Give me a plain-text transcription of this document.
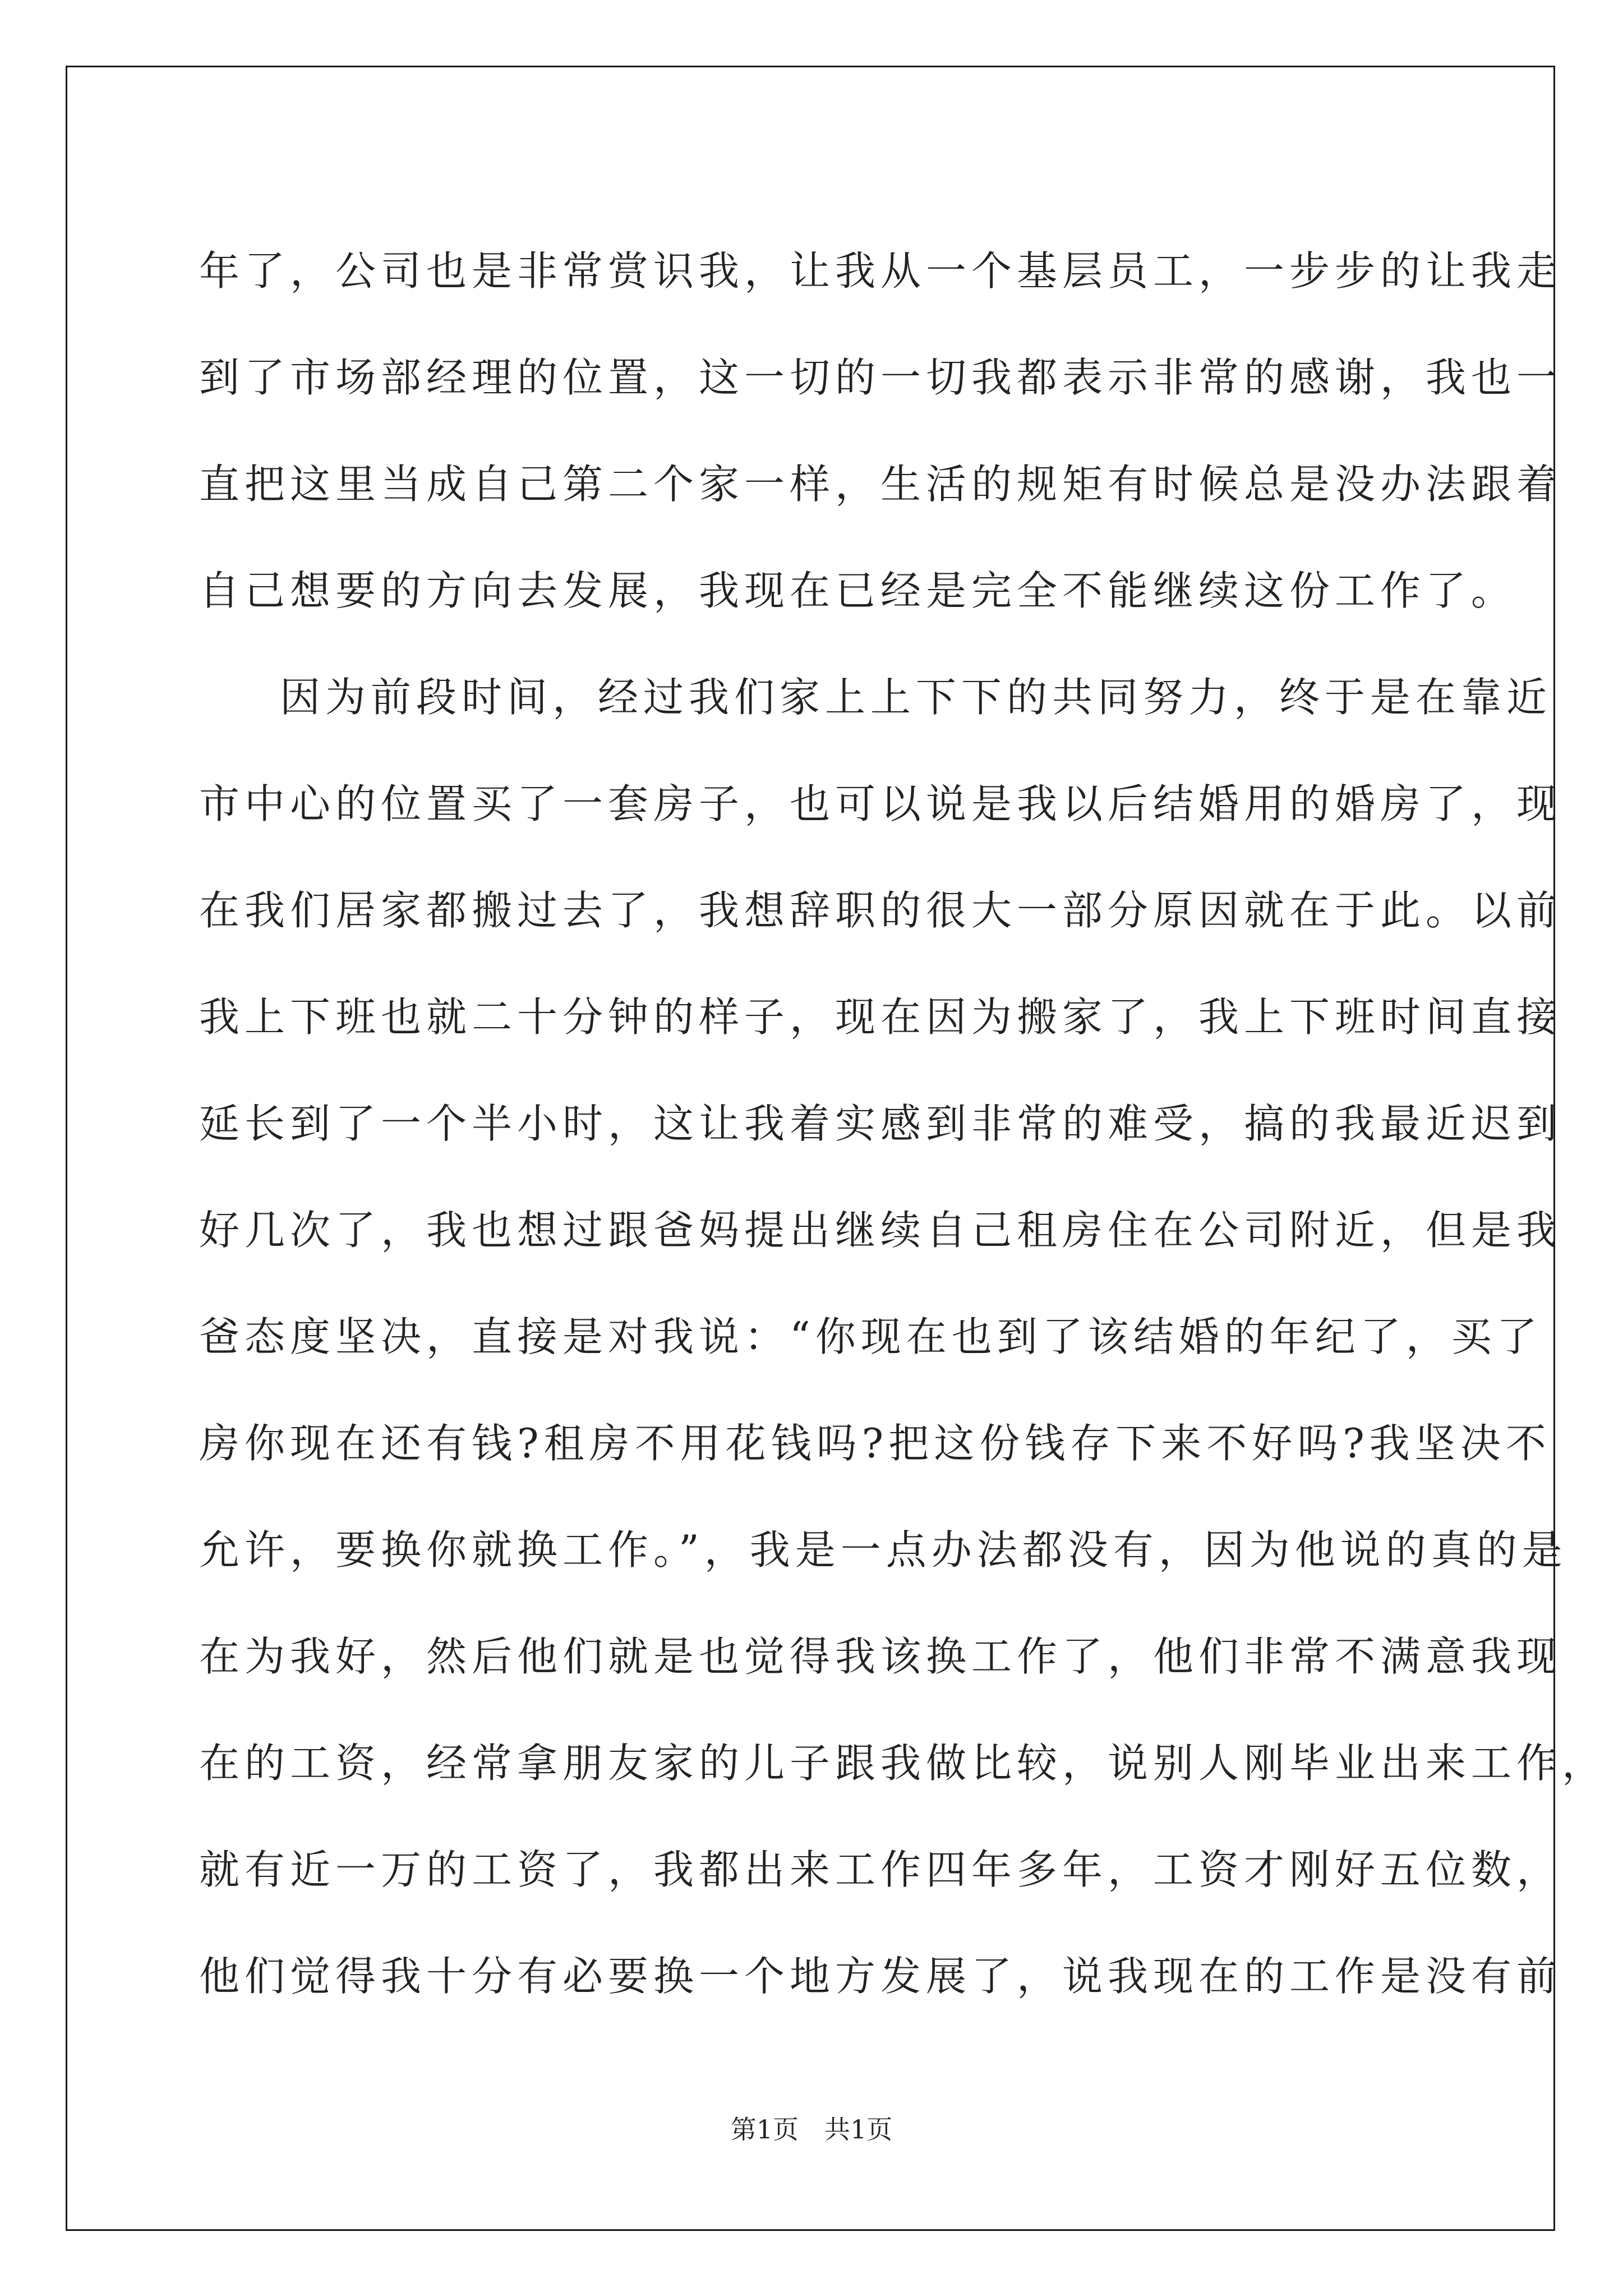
年了，公司也是非常赏识我，让我从一个基层员工，一步步的让我走
到了市场部经理的位置，这一切的一切我都表示非常的感谢，我也一
直把这里当成自己第二个家一样，生活的规矩有时候总是没办法跟着
自己想要的方向去发展，我现在已经是完全不能继续这份工作了。
因为前段时间，经过我们家上上下下的共同努力，终于是在靠近
市中心的位置买了一套房子，也可以说是我以后结婚用的婚房了，现
在我们居家都搬过去了，我想辞职的很大一部分原因就在于此。以前
我上下班也就二十分钟的样子，现在因为搬家了，我上下班时间直接
延长到了一个半小时，这让我着实感到非常的难受，搞的我最近迟到
好几次了，我也想过跟爸妈提出继续自己租房住在公司附近，但是我
爸态度坚决，直接是对我说：“你现在也到了该结婚的年纪了，买了
房你现在还有钱?租房不用花钱吗?把这份钱存下来不好吗?我坚决不
允许，要换你就换工作。”，我是一点办法都没有，因为他说的真的是
在为我好，然后他们就是也觉得我该换工作了，他们非常不满意我现
在的工资，经常拿朋友家的儿子跟我做比较，说别人刚毕业出来工作，
就有近一万的工资了，我都出来工作四年多年，工资才刚好五位数，
他们觉得我十分有必要换一个地方发展了，说我现在的工作是没有前
第1页　共1页
